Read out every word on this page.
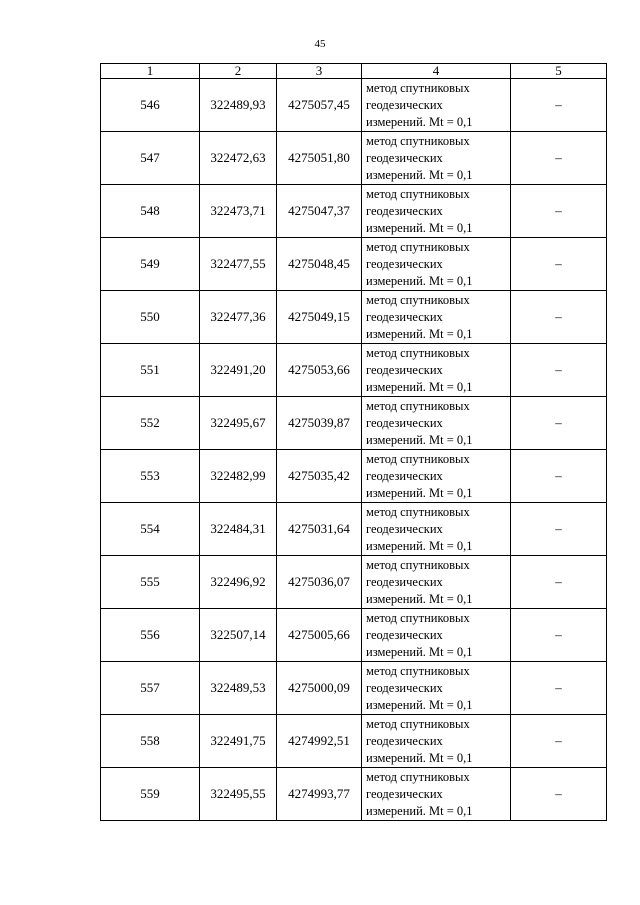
45
1	2	3	4	5
546	322489,93	4275057,45	метод спутниковых
геодезических
измерений. Mt = 0,1	–
547	322472,63	4275051,80	метод спутниковых
геодезических
измерений. Mt = 0,1	–
548	322473,71	4275047,37	метод спутниковых
геодезических
измерений. Mt = 0,1	–
549	322477,55	4275048,45	метод спутниковых
геодезических
измерений. Mt = 0,1	–
550	322477,36	4275049,15	метод спутниковых
геодезических
измерений. Mt = 0,1	–
551	322491,20	4275053,66	метод спутниковых
геодезических
измерений. Mt = 0,1	–
552	322495,67	4275039,87	метод спутниковых
геодезических
измерений. Mt = 0,1	–
553	322482,99	4275035,42	метод спутниковых
геодезических
измерений. Mt = 0,1	–
554	322484,31	4275031,64	метод спутниковых
геодезических
измерений. Mt = 0,1	–
555	322496,92	4275036,07	метод спутниковых
геодезических
измерений. Mt = 0,1	–
556	322507,14	4275005,66	метод спутниковых
геодезических
измерений. Mt = 0,1	–
557	322489,53	4275000,09	метод спутниковых
геодезических
измерений. Mt = 0,1	–
558	322491,75	4274992,51	метод спутниковых
геодезических
измерений. Mt = 0,1	–
559	322495,55	4274993,77	метод спутниковых
геодезических
измерений. Mt = 0,1	–
